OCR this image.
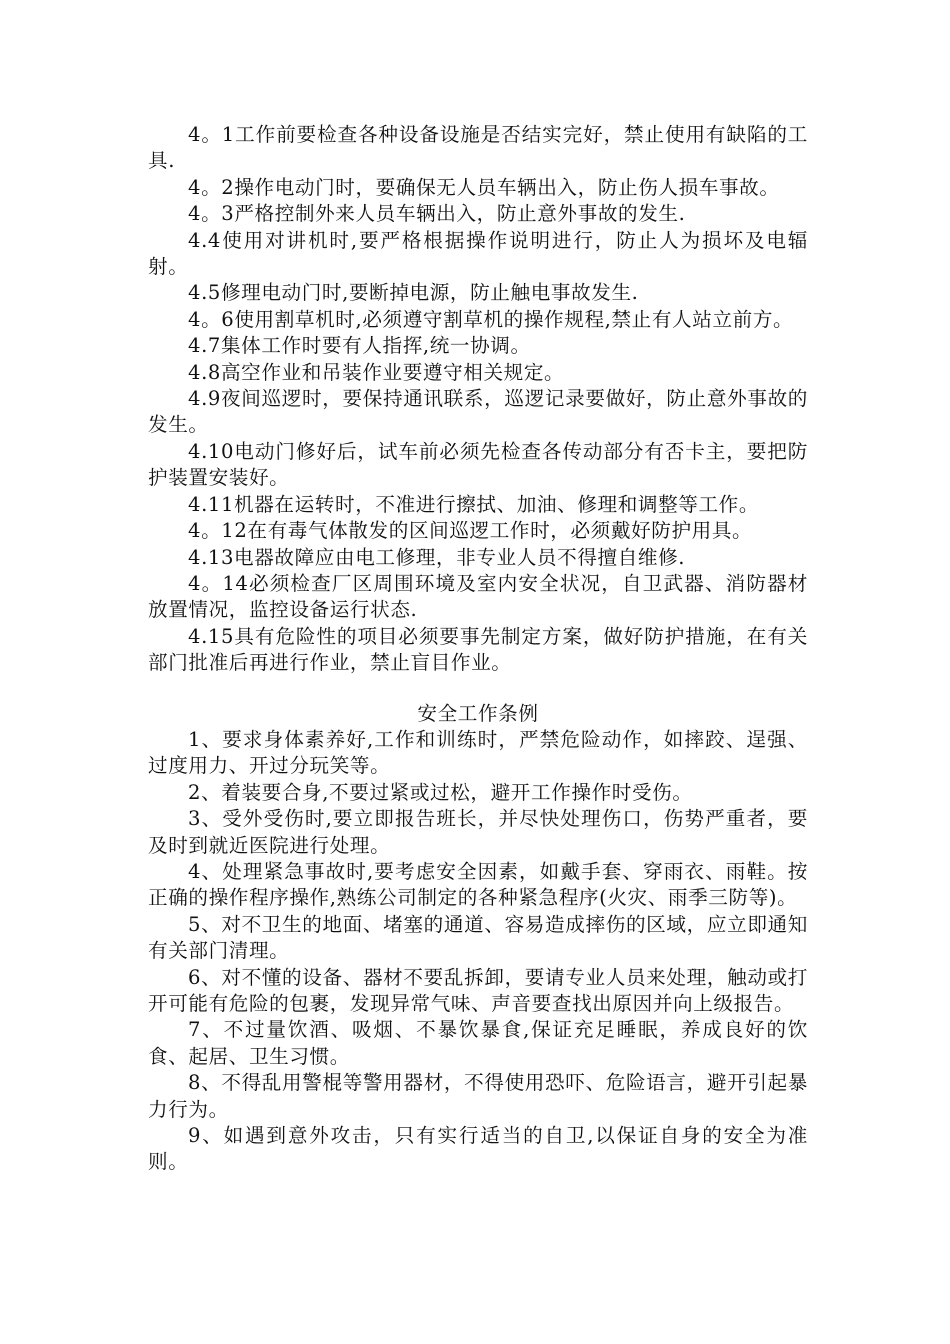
4。1工作前要检查各种设备设施是否结实完好，禁止使用有缺陷的工具.

4。2操作电动门时，要确保无人员车辆出入，防止伤人损车事故。

4。3严格控制外来人员车辆出入，防止意外事故的发生.

4.4使用对讲机时,要严格根据操作说明进行，防止人为损坏及电辐射。

4.5修理电动门时,要断掉电源，防止触电事故发生.

4。6使用割草机时,必须遵守割草机的操作规程,禁止有人站立前方。

4.7集体工作时要有人指挥,统一协调。

4.8高空作业和吊装作业要遵守相关规定。

4.9夜间巡逻时，要保持通讯联系，巡逻记录要做好，防止意外事故的发生。

4.10电动门修好后，试车前必须先检查各传动部分有否卡主，要把防护装置安装好。

4.11机器在运转时，不准进行擦拭、加油、修理和调整等工作。

4。12在有毒气体散发的区间巡逻工作时，必须戴好防护用具。

4.13电器故障应由电工修理，非专业人员不得擅自维修.

4。14必须检查厂区周围环境及室内安全状况，自卫武器、消防器材放置情况，监控设备运行状态.

4.15具有危险性的项目必须要事先制定方案，做好防护措施，在有关部门批准后再进行作业，禁止盲目作业。

安全工作条例

1、要求身体素养好,工作和训练时，严禁危险动作，如摔跤、逞强、过度用力、开过分玩笑等。

2、着装要合身,不要过紧或过松，避开工作操作时受伤。

3、受外受伤时,要立即报告班长，并尽快处理伤口，伤势严重者，要及时到就近医院进行处理。

4、处理紧急事故时,要考虑安全因素，如戴手套、穿雨衣、雨鞋。按正确的操作程序操作,熟练公司制定的各种紧急程序(火灾、雨季三防等)。

5、对不卫生的地面、堵塞的通道、容易造成摔伤的区域，应立即通知有关部门清理。

6、对不懂的设备、器材不要乱拆卸，要请专业人员来处理，触动或打开可能有危险的包裹，发现异常气味、声音要查找出原因并向上级报告。

7、不过量饮酒、吸烟、不暴饮暴食,保证充足睡眠，养成良好的饮食、起居、卫生习惯。

8、不得乱用警棍等警用器材，不得使用恐吓、危险语言，避开引起暴力行为。

9、如遇到意外攻击，只有实行适当的自卫,以保证自身的安全为准则。
